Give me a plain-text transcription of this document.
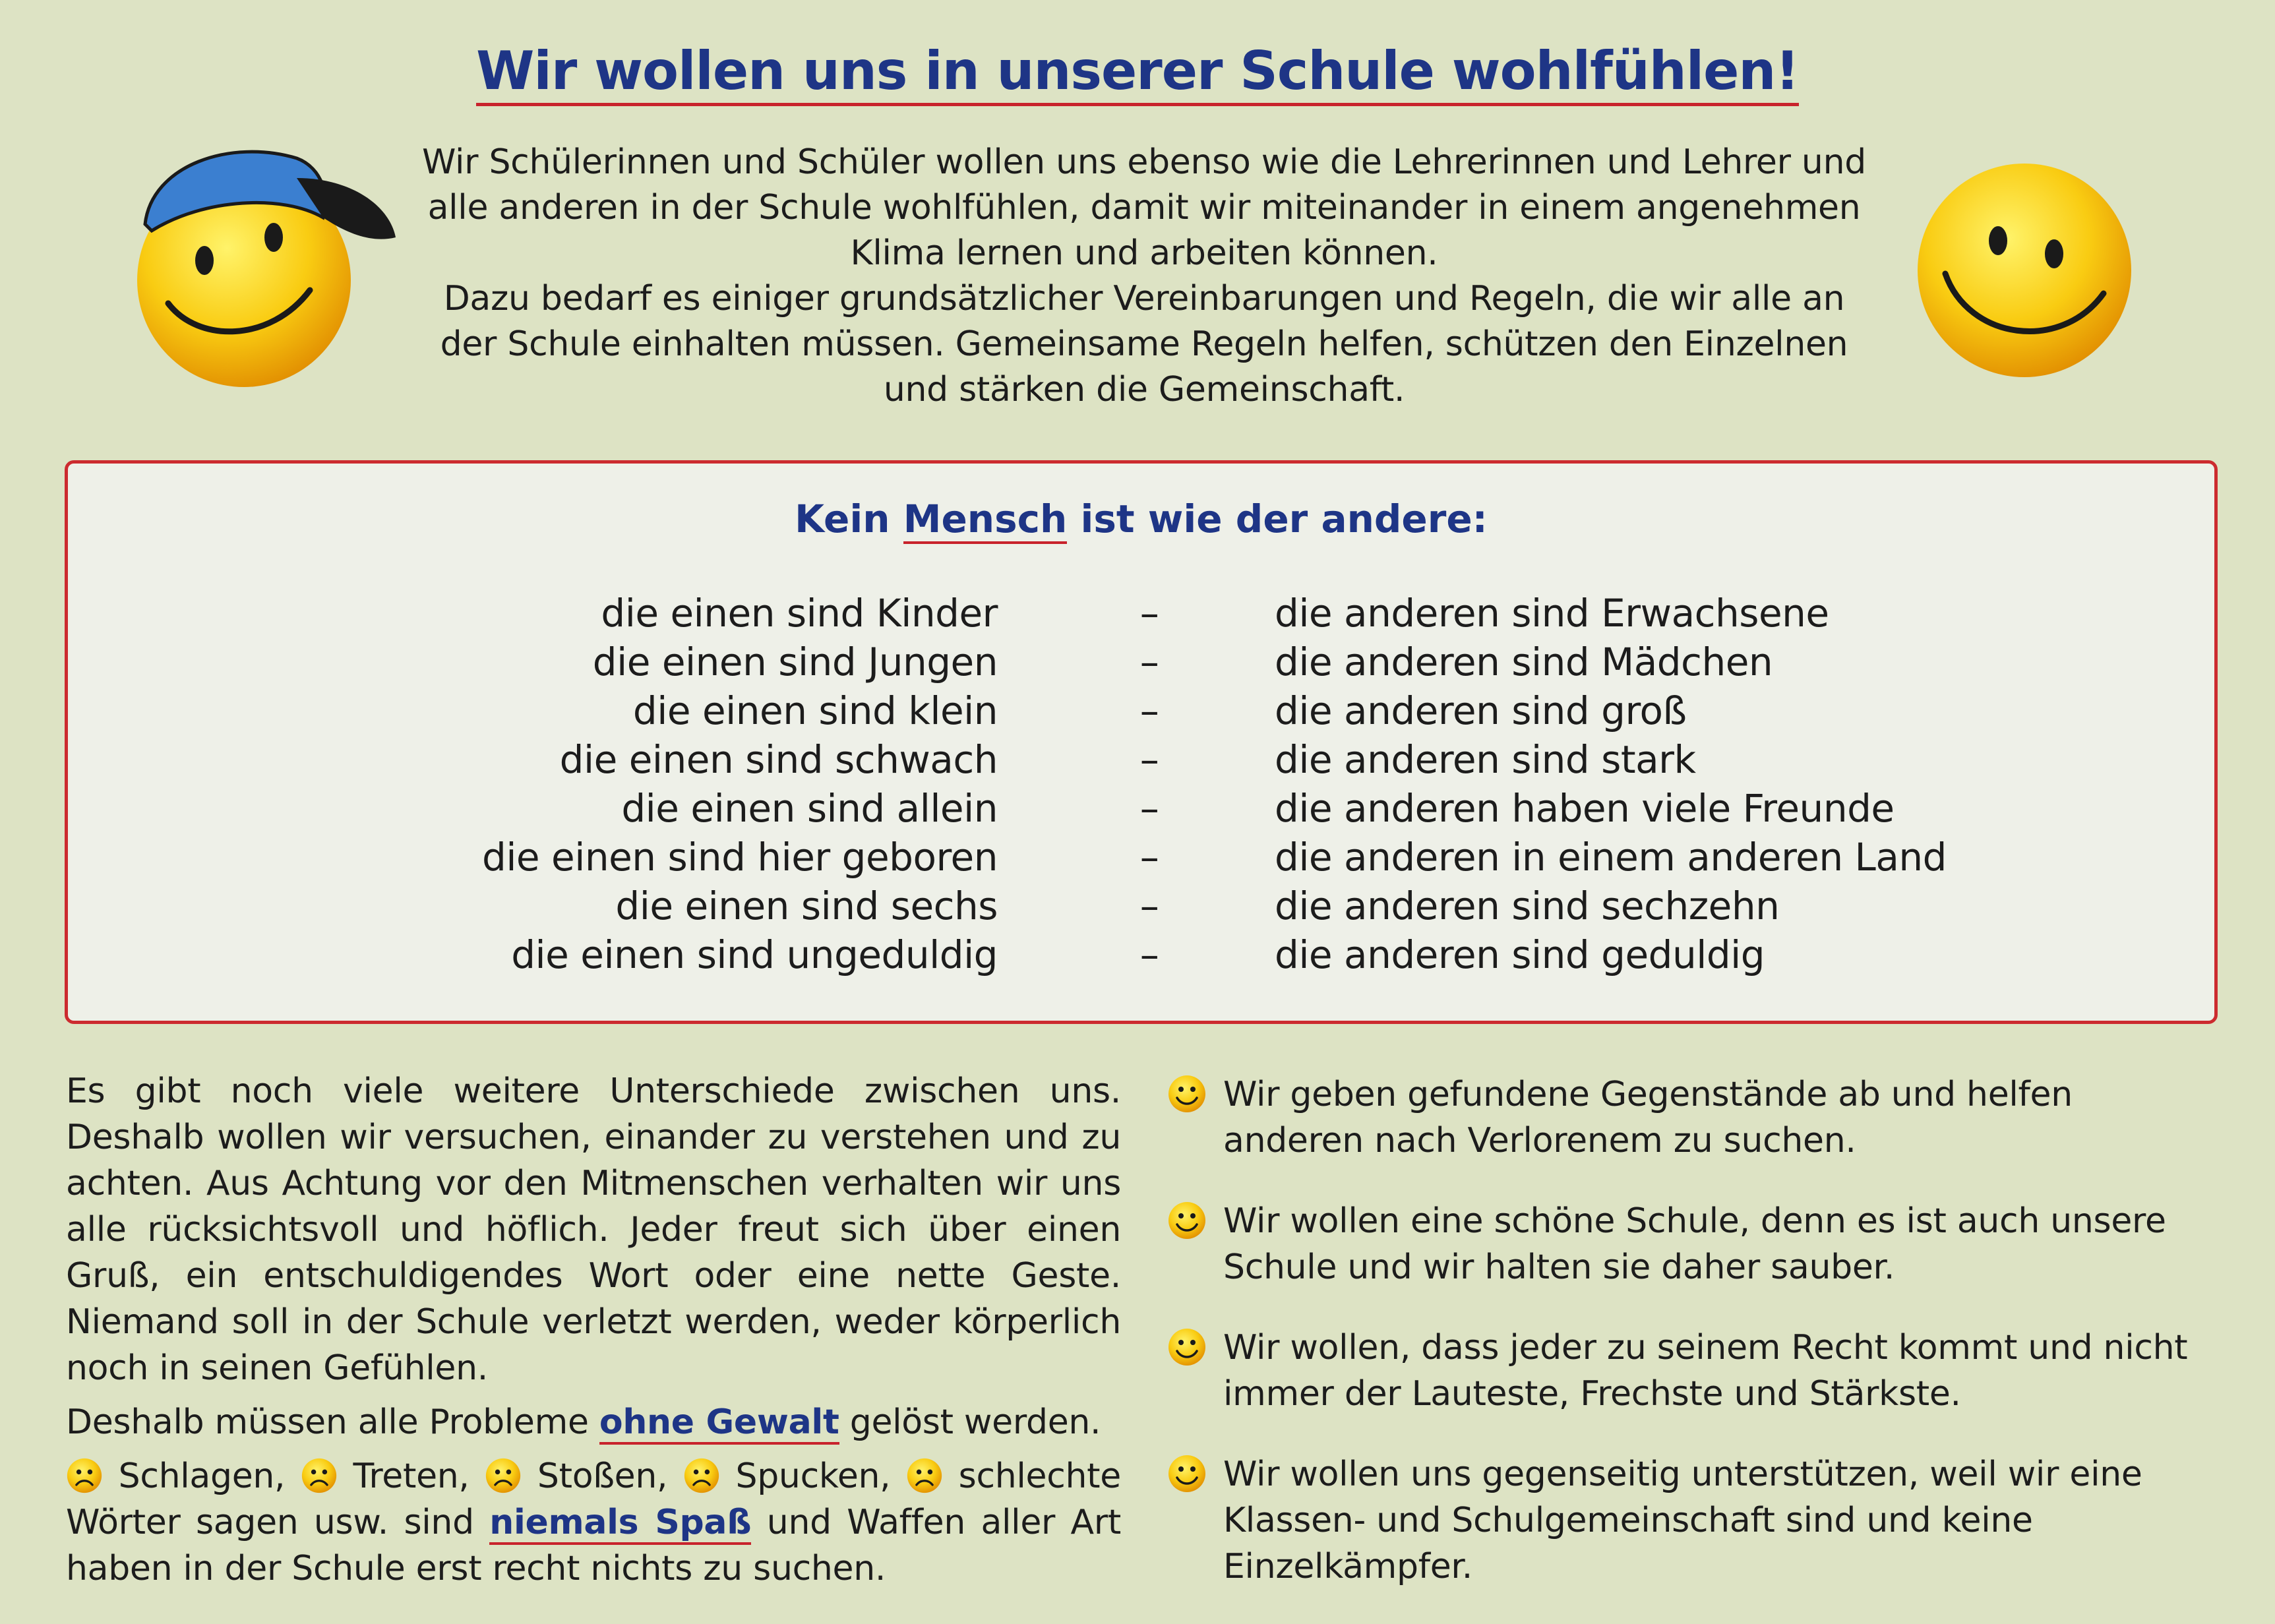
Wir wollen uns in unserer Schule wohlfühlen!

Wir Schülerinnen und Schüler wollen uns ebenso wie die Lehrerinnen und Lehrer und alle anderen in der Schule wohlfühlen, damit wir miteinander in einem angenehmen Klima lernen und arbeiten können.

Dazu bedarf es einiger grundsätzlicher Vereinbarungen und Regeln, die wir alle an der Schule einhalten müssen. Gemeinsame Regeln helfen, schützen den Einzelnen und stärken die Gemeinschaft.

Kein Mensch ist wie der andere:
die einen sind Kinder	–	die anderen sind Erwachsene
die einen sind Jungen	–	die anderen sind Mädchen
die einen sind klein	–	die anderen sind groß
die einen sind schwach	–	die anderen sind stark
die einen sind allein	–	die anderen haben viele Freunde
die einen sind hier geboren	–	die anderen in einem anderen Land
die einen sind sechs	–	die anderen sind sechzehn
die einen sind ungeduldig	–	die anderen sind geduldig

Es gibt noch viele weitere Unterschiede zwischen uns. Deshalb wollen wir versuchen, einander zu verstehen und zu achten. Aus Achtung vor den Mitmenschen verhalten wir uns alle rücksichtsvoll und höflich. Jeder freut sich über einen Gruß, ein entschuldigendes Wort oder eine nette Geste. Niemand soll in der Schule verletzt werden, weder körperlich noch in seinen Gefühlen.

Deshalb müssen alle Probleme ohne Gewalt gelöst werden.

Schlagen, Treten, Stoßen, Spucken, schlechte Wörter sagen usw. sind niemals Spaß und Waffen aller Art haben in der Schule erst recht nichts zu suchen.

Wir geben gefundene Gegenstände ab und helfen anderen nach Verlorenem zu suchen.
Wir wollen eine schöne Schule, denn es ist auch unsere Schule und wir halten sie daher sauber.
Wir wollen, dass jeder zu seinem Recht kommt und nicht immer der Lauteste, Frechste und Stärkste.
Wir wollen uns gegenseitig unterstützen, weil wir eine Klassen- und Schulgemeinschaft sind und keine Einzelkämpfer.
